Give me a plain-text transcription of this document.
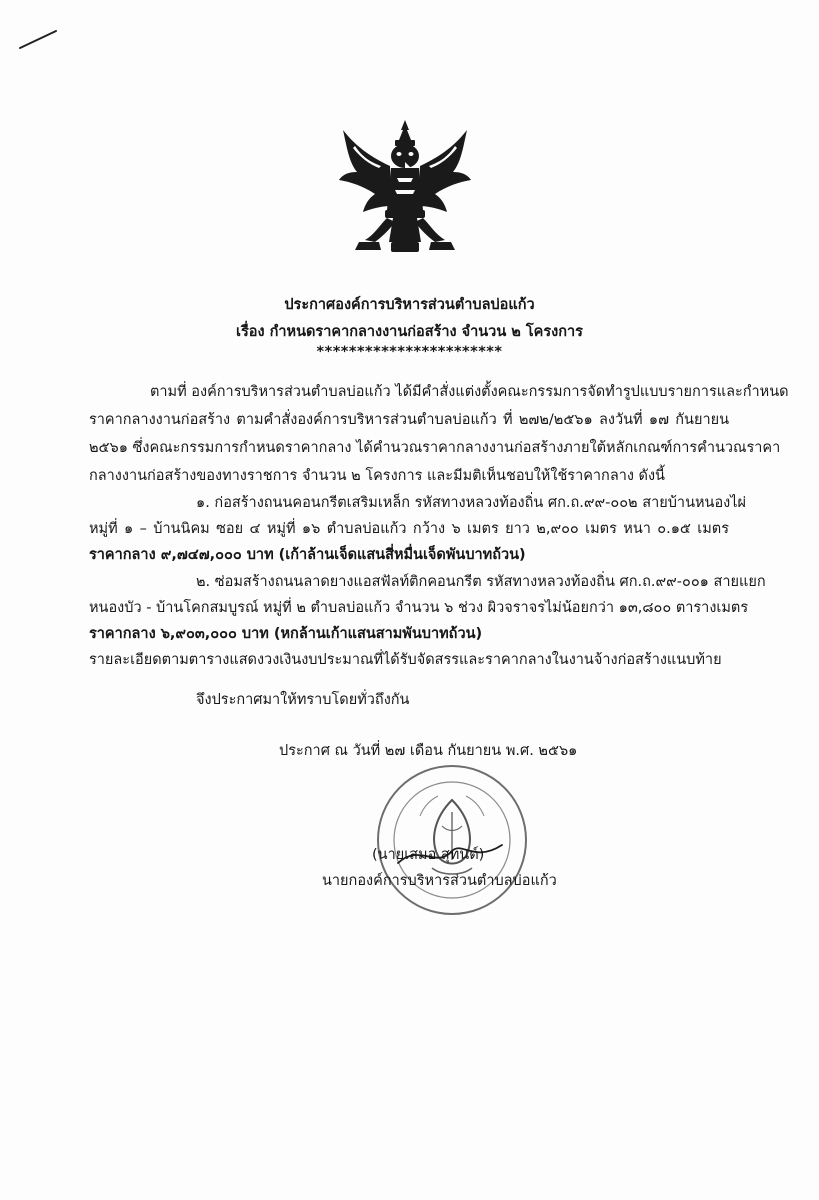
ประกาศองค์การบริหารส่วนตำบลบ่อแก้ว
เรื่อง กำหนดราคากลางงานก่อสร้าง จำนวน ๒ โครงการ
***********************
ตามที่ องค์การบริหารส่วนตำบลบ่อแก้ว ได้มีคำสั่งแต่งตั้งคณะกรรมการจัดทำรูปแบบรายการและกำหนด
ราคากลางงานก่อสร้าง ตามคำสั่งองค์การบริหารส่วนตำบลบ่อแก้ว ที่ ๒๗๒/๒๕๖๑ ลงวันที่ ๑๗ กันยายน
๒๕๖๑ ซึ่งคณะกรรมการกำหนดราคากลาง ได้คำนวณราคากลางงานก่อสร้างภายใต้หลักเกณฑ์การคำนวณราคา
กลางงานก่อสร้างของทางราชการ จำนวน ๒ โครงการ และมีมติเห็นชอบให้ใช้ราคากลาง ดังนี้
๑. ก่อสร้างถนนคอนกรีตเสริมเหล็ก รหัสทางหลวงท้องถิ่น ศก.ถ.๙๙-๐๐๒ สายบ้านหนองไผ่
หมู่ที่ ๑ – บ้านนิคม ซอย ๔ หมู่ที่ ๑๖ ตำบลบ่อแก้ว กว้าง ๖ เมตร ยาว ๒,๙๐๐ เมตร หนา ๐.๑๕ เมตร
ราคากลาง ๙,๗๔๗,๐๐๐ บาท (เก้าล้านเจ็ดแสนสี่หมื่นเจ็ดพันบาทถ้วน)
๒. ซ่อมสร้างถนนลาดยางแอสฟัลท์ติกคอนกรีต รหัสทางหลวงท้องถิ่น ศก.ถ.๙๙-๐๐๑ สายแยก
หนองบัว - บ้านโคกสมบูรณ์ หมู่ที่ ๒ ตำบลบ่อแก้ว จำนวน ๖ ช่วง ผิวจราจรไม่น้อยกว่า ๑๓,๘๐๐ ตารางเมตร
ราคากลาง ๖,๙๐๓,๐๐๐ บาท (หกล้านเก้าแสนสามพันบาทถ้วน)
รายละเอียดตามตารางแสดงวงเงินงบประมาณที่ได้รับจัดสรรและราคากลางในงานจ้างก่อสร้างแนบท้าย
จึงประกาศมาให้ทราบโดยทั่วถึงกัน
ประกาศ ณ วันที่ ๒๗ เดือน กันยายน พ.ศ. ๒๕๖๑
(นายเสมอ สุทนต์)
นายกองค์การบริหารส่วนตำบลบ่อแก้ว
